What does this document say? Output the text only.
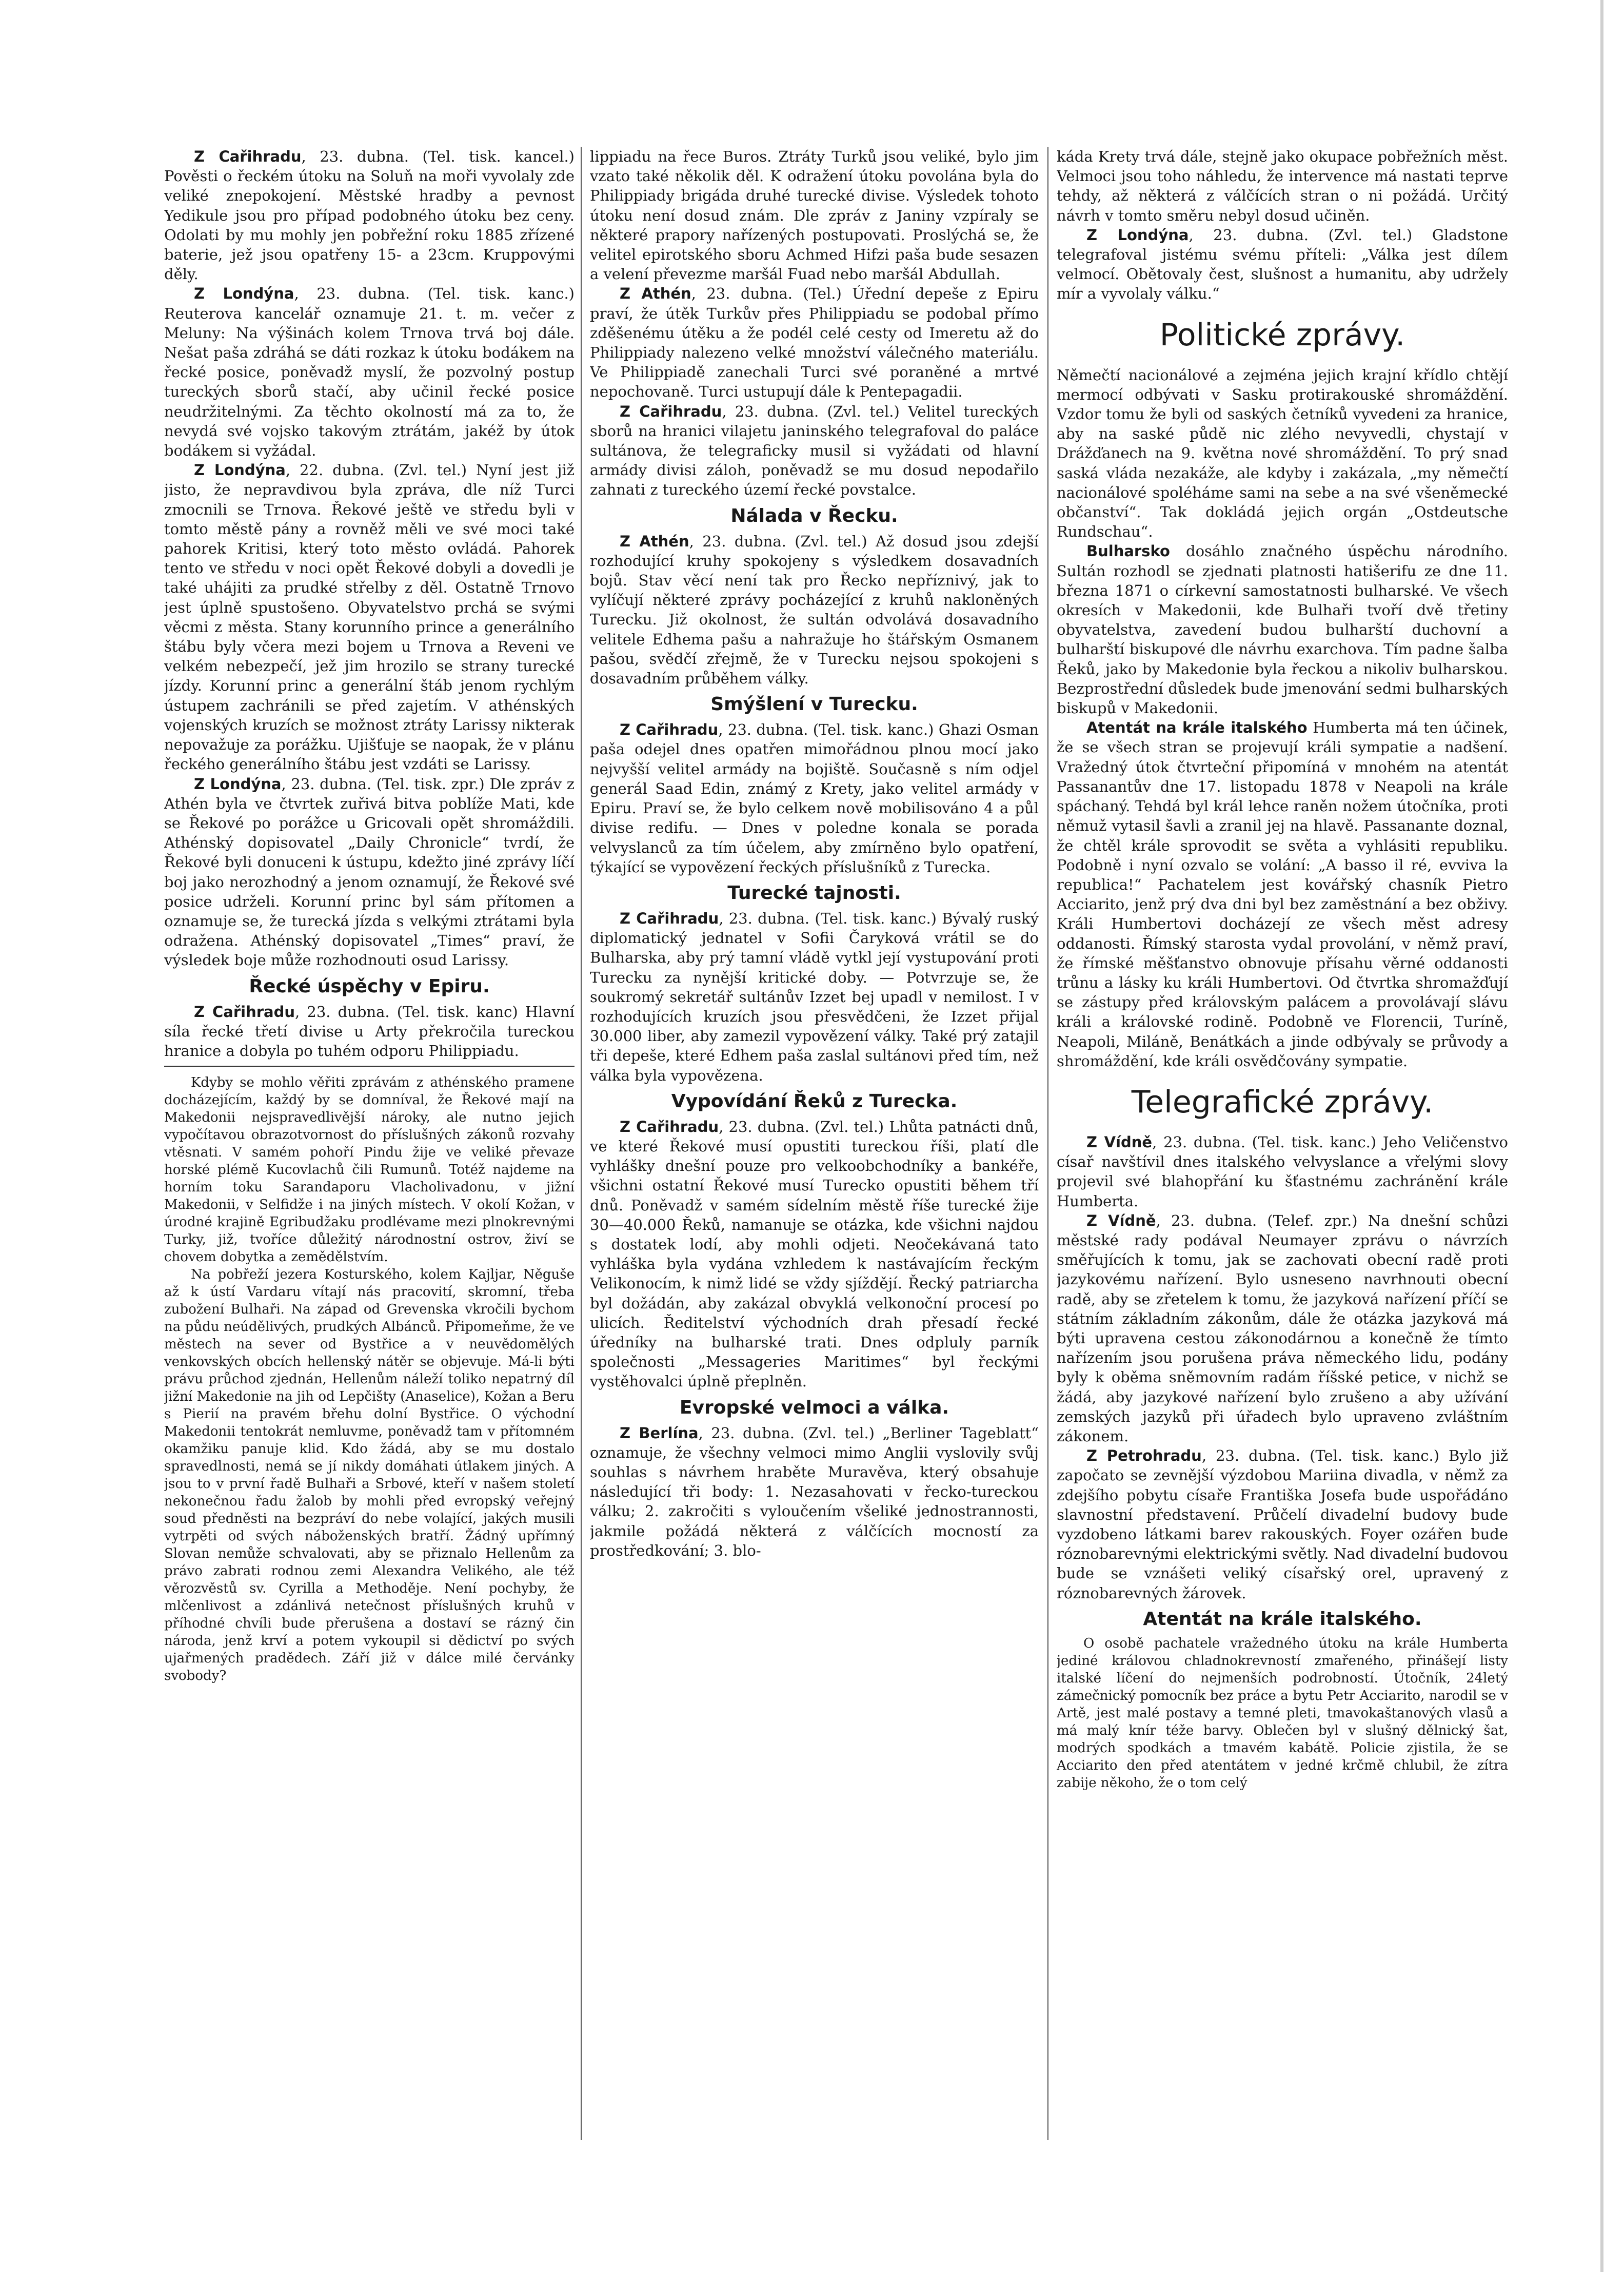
Z Cařihradu, 23. dubna. (Tel. tisk. kancel.) Pověsti o řeckém útoku na Soluň na moři vyvolaly zde veliké znepokojení. Městské hradby a pevnost Yedikule jsou pro případ podobného útoku bez ceny. Odolati by mu mohly jen pobřežní roku 1885 zřízené baterie, jež jsou opatřeny 15- a 23cm. Kruppovými děly.

Z Londýna, 23. dubna. (Tel. tisk. kanc.) Reuterova kancelář oznamuje 21. t. m. večer z Meluny: Na výšinách kolem Trnova trvá boj dále. Nešat paša zdráhá se dáti rozkaz k útoku bodákem na řecké posice, poněvadž myslí, že pozvolný postup tureckých sborů stačí, aby učinil řecké posice neudržitelnými. Za těchto okolností má za to, že nevydá své vojsko takovým ztrátám, jakéž by útok bodákem si vyžádal.

Z Londýna, 22. dubna. (Zvl. tel.) Nyní jest již jisto, že nepravdivou byla zpráva, dle níž Turci zmocnili se Trnova. Řekové ještě ve středu byli v tomto městě pány a rovněž měli ve své moci také pahorek Kritisi, který toto město ovládá. Pahorek tento ve středu v noci opět Řekové dobyli a dovedli je také uhájiti za prudké střelby z děl. Ostatně Trnovo jest úplně spustošeno. Obyvatelstvo prchá se svými věcmi z města. Stany korunního prince a generálního štábu byly včera mezi bojem u Trnova a Reveni ve velkém nebezpečí, jež jim hrozilo se strany turecké jízdy. Korunní princ a generální štáb jenom rychlým ústupem zachránili se před zajetím. V athénských vojenských kruzích se možnost ztráty Larissy nikterak nepovažuje za porážku. Ujišťuje se naopak, že v plánu řeckého generálního štábu jest vzdáti se Larissy.

Z Londýna, 23. dubna. (Tel. tisk. zpr.) Dle zpráv z Athén byla ve čtvrtek zuřivá bitva poblíže Mati, kde se Řekové po porážce u Gricovali opět shromáždili. Athénský dopisovatel „Daily Chronicle“ tvrdí, že Řekové byli donuceni k ústupu, kdežto jiné zprávy líčí boj jako nerozhodný a jenom oznamují, že Řekové své posice udrželi. Korunní princ byl sám přítomen a oznamuje se, že turecká jízda s velkými ztrátami byla odražena. Athénský dopisovatel „Times“ praví, že výsledek boje může rozhodnouti osud Larissy.

Řecké úspěchy v Epiru.

Z Cařihradu, 23. dubna. (Tel. tisk. kanc) Hlavní síla řecké třetí divise u Arty překročila tureckou hranice a dobyla po tuhém odporu Philippiadu.

Kdyby se mohlo věřiti zprávám z athénského pramene docházejícím, každý by se domníval, že Řekové mají na Makedonii nejspravedlivější nároky, ale nutno jejich vypočítavou obrazotvornost do příslušných zákonů rozvahy vtěsnati. V samém pohoří Pindu žije ve veliké převaze horské plémě Kucovlachů čili Rumunů. Totéž najdeme na horním toku Sarandaporu Vlacholivadonu, v jižní Makedonii, v Selfidže i na jiných místech. V okolí Kožan, v úrodné krajině Egribudžaku prodlévame mezi plnokrevnými Turky, již, tvoříce důležitý národnostní ostrov, živí se chovem dobytka a zemědělstvím.

Na pobřeží jezera Kosturského, kolem Kajljar, Něguše až k ústí Vardaru vítají nás pracovití, skromní, třeba zubožení Bulhaři. Na západ od Grevenska vkročili bychom na půdu neúdělivých, prudkých Albánců. Připomeňme, že ve městech na sever od Bystřice a v neuvědomělých venkovských obcích hellenský nátěr se objevuje. Má-li býti právu průchod zjednán, Hellenům náleží toliko nepatrný díl jižní Makedonie na jih od Lepčišty (Anaselice), Kožan a Beru s Pierií na pravém břehu dolní Bystřice. O východní Makedonii tentokrát nemluvme, poněvadž tam v přítomném okamžiku panuje klid. Kdo žádá, aby se mu dostalo spravedlnosti, nemá se jí nikdy domáhati útlakem jiných. A jsou to v první řadě Bulhaři a Srbové, kteří v našem století nekonečnou řadu žalob by mohli před evropský veřejný soud předněsti na bezpráví do nebe volající, jakých musili vytrpěti od svých náboženských bratří. Žádný upřímný Slovan nemůže schvalovati, aby se přiznalo Hellenům za právo zabrati rodnou zemi Alexandra Velikého, ale též věrozvěstů sv. Cyrilla a Methoděje. Není pochyby, že mlčenlivost a zdánlivá netečnost příslušných kruhů v příhodné chvíli bude přerušena a dostaví se rázný čin národa, jenž krví a potem vykoupil si dědictví po svých ujařmených pradědech. Září již v dálce milé červánky svobody?

lippiadu na řece Buros. Ztráty Turků jsou veliké, bylo jim vzato také několik děl. K odražení útoku povolána byla do Philippiady brigáda druhé turecké divise. Výsledek tohoto útoku není dosud znám. Dle zpráv z Janiny vzpíraly se některé prapory nařízených postupovati. Proslýchá se, že velitel epirotského sboru Achmed Hifzi paša bude sesazen a velení převezme maršál Fuad nebo maršál Abdullah.

Z Athén, 23. dubna. (Tel.) Úřední depeše z Epiru praví, že útěk Turkův přes Philippiadu se podobal přímo zděšenému útěku a že podél celé cesty od Imeretu až do Philippiady nalezeno velké množství válečného materiálu. Ve Philippiadě zanechali Turci své poraněné a mrtvé nepochovaně. Turci ustupují dále k Pentepagadii.

Z Cařihradu, 23. dubna. (Zvl. tel.) Velitel tureckých sborů na hranici vilajetu janinského telegrafoval do paláce sultánova, že telegraficky musil si vyžádati od hlavní armády divisi záloh, poněvadž se mu dosud nepodařilo zahnati z tureckého území řecké povstalce.

Nálada v Řecku.

Z Athén, 23. dubna. (Zvl. tel.) Až dosud jsou zdejší rozhodující kruhy spokojeny s výsledkem dosavadních bojů. Stav věcí není tak pro Řecko nepříznivý, jak to vylíčují některé zprávy pocházející z kruhů nakloněných Turecku. Již okolnost, že sultán odvolává dosavadního velitele Edhema pašu a nahražuje ho štářským Osmanem pašou, svědčí zřejmě, že v Turecku nejsou spokojeni s dosavadním průběhem války.

Smýšlení v Turecku.

Z Cařihradu, 23. dubna. (Tel. tisk. kanc.) Ghazi Osman paša odejel dnes opatřen mimořádnou plnou mocí jako nejvyšší velitel armády na bojiště. Současně s ním odjel generál Saad Edin, známý z Krety, jako velitel armády v Epiru. Praví se, že bylo celkem nově mobilisováno 4 a půl divise redifu. — Dnes v poledne konala se porada velvyslanců za tím účelem, aby zmírněno bylo opatření, týkající se vypovězení řeckých příslušníků z Turecka.

Turecké tajnosti.

Z Cařihradu, 23. dubna. (Tel. tisk. kanc.) Bývalý ruský diplomatický jednatel v Sofii Čaryková vrátil se do Bulharska, aby prý tamní vládě vytkl její vystupování proti Turecku za nynější kritické doby. — Potvrzuje se, že soukromý sekretář sultánův Izzet bej upadl v nemilost. I v rozhodujících kruzích jsou přesvědčeni, že Izzet přijal 30.000 liber, aby zamezil vypovězení války. Také prý zatajil tři depeše, které Edhem paša zaslal sultánovi před tím, než válka byla vypovězena.

Vypovídání Řeků z Turecka.

Z Cařihradu, 23. dubna. (Zvl. tel.) Lhůta patnácti dnů, ve které Řekové musí opustiti tureckou říši, platí dle vyhlášky dnešní pouze pro velkoobchodníky a bankéře, všichni ostatní Řekové musí Turecko opustiti během tří dnů. Poněvadž v samém sídelním městě říše turecké žije 30—40.000 Řeků, namanuje se otázka, kde všichni najdou s dostatek lodí, aby mohli odjeti. Neočekávaná tato vyhláška byla vydána vzhledem k nastávajícím řeckým Velikonocím, k nimž lidé se vždy sjíždějí. Řecký patriarcha byl dožádán, aby zakázal obvyklá velkonoční procesí po ulicích. Ředitelství východních drah přesadí řecké úředníky na bulharské trati. Dnes odpluly parník společnosti „Messageries Maritimes“ byl řeckými vystěhovalci úplně přeplněn.

Evropské velmoci a válka.

Z Berlína, 23. dubna. (Zvl. tel.) „Berliner Tageblatt“ oznamuje, že všechny velmoci mimo Anglii vyslovily svůj souhlas s návrhem hraběte Muravěva, který obsahuje následující tři body: 1. Nezasahovati v řecko-tureckou válku; 2. zakročiti s vyloučením všeliké jednostrannosti, jakmile požádá některá z válčících mocností za prostředkování; 3. blo-

káda Krety trvá dále, stejně jako okupace pobřežních měst. Velmoci jsou toho náhledu, že intervence má nastati teprve tehdy, až některá z válčících stran o ni požádá. Určitý návrh v tomto směru nebyl dosud učiněn.

Z Londýna, 23. dubna. (Zvl. tel.) Gladstone telegrafoval jistému svému příteli: „Válka jest dílem velmocí. Obětovaly čest, slušnost a humanitu, aby udržely mír a vyvolaly válku.“

Politické zprávy.

Němečtí nacionálové a zejména jejich krajní křídlo chtějí mermocí odbývati v Sasku protirakouské shromáždění. Vzdor tomu že byli od saských četníků vyvedeni za hranice, aby na saské půdě nic zlého nevyvedli, chystají v Drážďanech na 9. května nové shromáždění. To prý snad saská vláda nezakáže, ale kdyby i zakázala, „my němečtí nacionálové spoléháme sami na sebe a na své všeněmecké občanství“. Tak dokládá jejich orgán „Ostdeutsche Rundschau“.

Bulharsko dosáhlo značného úspěchu národního. Sultán rozhodl se zjednati platnosti hatišerifu ze dne 11. března 1871 o církevní samostatnosti bulharské. Ve všech okresích v Makedonii, kde Bulhaři tvoří dvě třetiny obyvatelstva, zavedení budou bulharští duchovní a bulharští biskupové dle návrhu exarchova. Tím padne šalba Řeků, jako by Makedonie byla řeckou a nikoliv bulharskou. Bezprostřední důsledek bude jmenování sedmi bulharských biskupů v Makedonii.

Atentát na krále italského Humberta má ten účinek, že se všech stran se projevují králi sympatie a nadšení. Vražedný útok čtvrteční připomíná v mnohém na atentát Passanantův dne 17. listopadu 1878 v Neapoli na krále spáchaný. Tehdá byl král lehce raněn nožem útočníka, proti němuž vytasil šavli a zranil jej na hlavě. Passanante doznal, že chtěl krále sprovodit se světa a vyhlásiti republiku. Podobně i nyní ozvalo se volání: „A basso il ré, evviva la republica!“ Pachatelem jest kovářský chasník Pietro Acciarito, jenž prý dva dni byl bez zaměstnání a bez obživy. Králi Humbertovi docházejí ze všech měst adresy oddanosti. Římský starosta vydal provolání, v němž praví, že římské měšťanstvo obnovuje přísahu věrné oddanosti trůnu a lásky ku králi Humbertovi. Od čtvrtka shromažďují se zástupy před královským palácem a provolávají slávu králi a královské rodině. Podobně ve Florencii, Turíně, Neapoli, Miláně, Benátkách a jinde odbývaly se průvody a shromáždění, kde králi osvědčovány sympatie.

Telegrafické zprávy.

Z Vídně, 23. dubna. (Tel. tisk. kanc.) Jeho Veličenstvo císař navštívil dnes italského velvyslance a vřelými slovy projevil své blahopřání ku šťastnému zachránění krále Humberta.

Z Vídně, 23. dubna. (Telef. zpr.) Na dnešní schůzi městské rady podával Neumayer zprávu o návrzích směřujících k tomu, jak se zachovati obecní radě proti jazykovému nařízení. Bylo usneseno navrhnouti obecní radě, aby se zřetelem k tomu, že jazyková nařízení příčí se státním základním zákonům, dále že otázka jazyková má býti upravena cestou zákonodárnou a konečně že tímto nařízením jsou porušena práva německého lidu, podány byly k oběma sněmovním radám říšské petice, v nichž se žádá, aby jazykové nařízení bylo zrušeno a aby užívání zemských jazyků při úřadech bylo upraveno zvláštním zákonem.

Z Petrohradu, 23. dubna. (Tel. tisk. kanc.) Bylo již započato se zevnější výzdobou Mariina divadla, v němž za zdejšího pobytu císaře Františka Josefa bude uspořádáno slavnostní představení. Průčelí divadelní budovy bude vyzdobeno látkami barev rakouských. Foyer ozářen bude róznobarevnými elektrickými světly. Nad divadelní budovou bude se vznášeti veliký císařský orel, upravený z róznobarevných žárovek.

Atentát na krále italského.

O osobě pachatele vražedného útoku na krále Humberta jediné královou chladnokrevností zmařeného, přinášejí listy italské líčení do nejmenších podrobností. Útočník, 24letý zámečnický pomocník bez práce a bytu Petr Acciarito, narodil se v Artě, jest malé postavy a temné pleti, tmavokaštanových vlasů a má malý knír téže barvy. Oblečen byl v slušný dělnický šat, modrých spodkách a tmavém kabátě. Policie zjistila, že se Acciarito den před atentátem v jedné krčmě chlubil, že zítra zabije někoho, že o tom celý
